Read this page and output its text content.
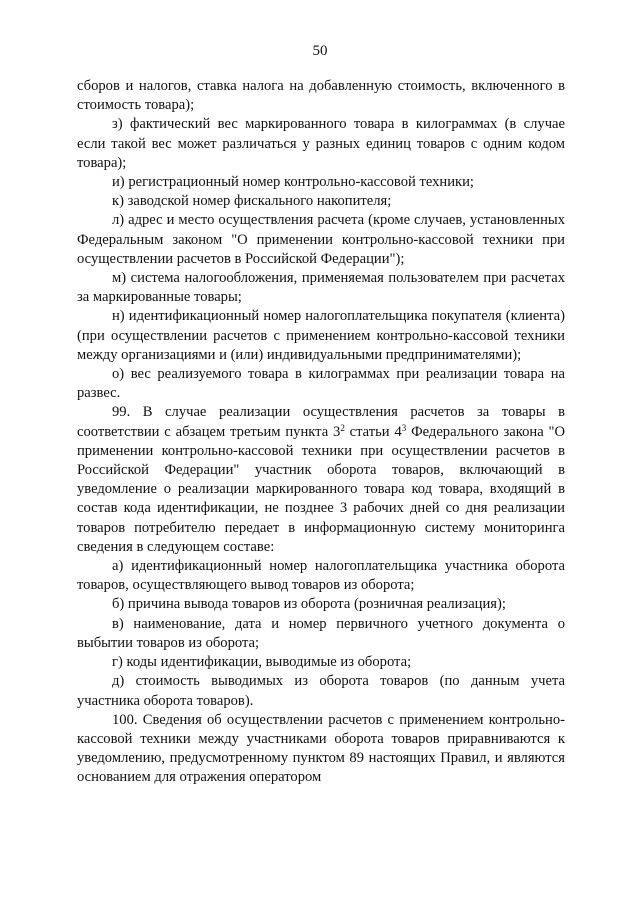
50

сборов и налогов, ставка налога на добавленную стоимость, включенного в стоимость товара);

з) фактический вес маркированного товара в килограммах (в случае если такой вес может различаться у разных единиц товаров с одним кодом товара);

и) регистрационный номер контрольно-кассовой техники;

к) заводской номер фискального накопителя;

л) адрес и место осуществления расчета (кроме случаев, установленных Федеральным законом "О применении контрольно-кассовой техники при осуществлении расчетов в Российской Федерации");

м) система налогообложения, применяемая пользователем при расчетах за маркированные товары;

н) идентификационный номер налогоплательщика покупателя (клиента) (при осуществлении расчетов с применением контрольно-кассовой техники между организациями и (или) индивидуальными предпринимателями);

о) вес реализуемого товара в килограммах при реализации товара на развес.

99. В случае реализации осуществления расчетов за товары в соответствии с абзацем третьим пункта $3^2$ статьи $4^3$ Федерального закона "О применении контрольно-кассовой техники при осуществлении расчетов в Российской Федерации" участник оборота товаров, включающий в уведомление о реализации маркированного товара код товара, входящий в состав кода идентификации, не позднее 3 рабочих дней со дня реализации товаров потребителю передает в информационную систему мониторинга сведения в следующем составе:

а) идентификационный номер налогоплательщика участника оборота товаров, осуществляющего вывод товаров из оборота;

б) причина вывода товаров из оборота (розничная реализация);

в) наименование, дата и номер первичного учетного документа о выбытии товаров из оборота;

г) коды идентификации, выводимые из оборота;

д) стоимость выводимых из оборота товаров (по данным учета участника оборота товаров).

100. Сведения об осуществлении расчетов с применением контрольно-кассовой техники между участниками оборота товаров приравниваются к уведомлению, предусмотренному пунктом 89 настоящих Правил, и являются основанием для отражения оператором
